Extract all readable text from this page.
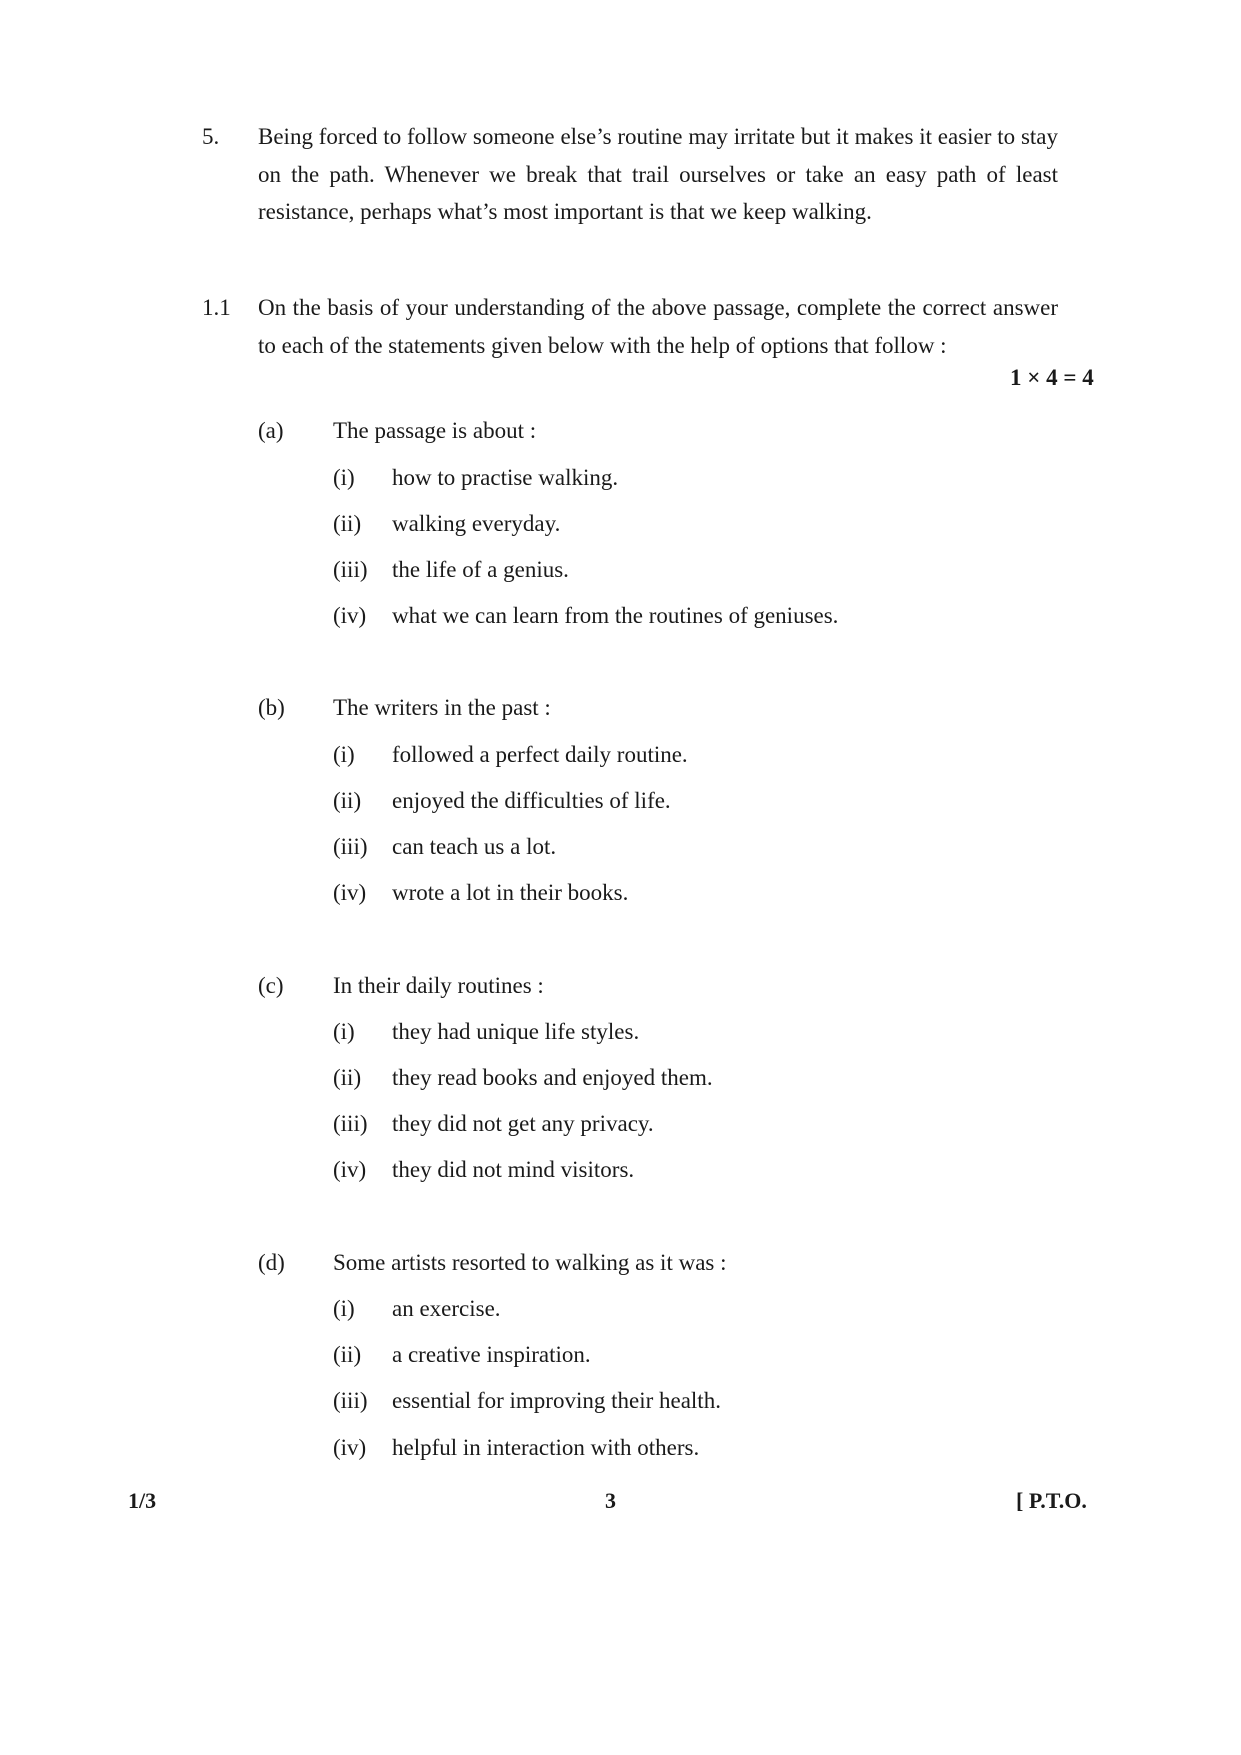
5. Being forced to follow someone else’s routine may irritate but it makes it easier to stay on the path. Whenever we break that trail ourselves or take an easy path of least resistance, perhaps what’s most important is that we keep walking.
1.1 On the basis of your understanding of the above passage, complete the correct answer to each of the statements given below with the help of options that follow :
1 × 4 = 4
(a) The passage is about :
(i) how to practise walking.
(ii) walking everyday.
(iii) the life of a genius.
(iv) what we can learn from the routines of geniuses.
(b) The writers in the past :
(i) followed a perfect daily routine.
(ii) enjoyed the difficulties of life.
(iii) can teach us a lot.
(iv) wrote a lot in their books.
(c) In their daily routines :
(i) they had unique life styles.
(ii) they read books and enjoyed them.
(iii) they did not get any privacy.
(iv) they did not mind visitors.
(d) Some artists resorted to walking as it was :
(i) an exercise.
(ii) a creative inspiration.
(iii) essential for improving their health.
(iv) helpful in interaction with others.
1/3	3	[ P.T.O.
